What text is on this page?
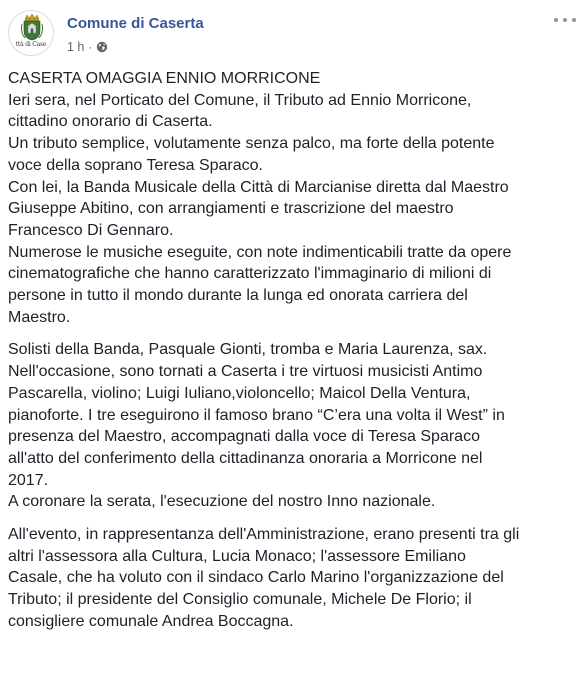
ttà di Case
Comune di Caserta
1 h ·

CASERTA OMAGGIA ENNIO MORRICONE
Ieri sera, nel Porticato del Comune, il Tributo ad Ennio Morricone,
cittadino onorario di Caserta.
Un tributo semplice, volutamente senza palco, ma forte della potente
voce della soprano Teresa Sparaco.
Con lei, la Banda Musicale della Città di Marcianise diretta dal Maestro
Giuseppe Abitino, con arrangiamenti e trascrizione del maestro
Francesco Di Gennaro.
Numerose le musiche eseguite, con note indimenticabili tratte da opere
cinematografiche che hanno caratterizzato l'immaginario di milioni di
persone in tutto il mondo durante la lunga ed onorata carriera del
Maestro.

Solisti della Banda, Pasquale Gionti, tromba e Maria Laurenza, sax.
Nell'occasione, sono tornati a Caserta i tre virtuosi musicisti Antimo
Pascarella, violino; Luigi Iuliano,violoncello; Maicol Della Ventura,
pianoforte. I tre eseguirono il famoso brano “C’era una volta il West” in
presenza del Maestro, accompagnati dalla voce di Teresa Sparaco
all'atto del conferimento della cittadinanza onoraria a Morricone nel
2017.
A coronare la serata, l'esecuzione del nostro Inno nazionale.

All'evento, in rappresentanza dell'Amministrazione, erano presenti tra gli
altri l'assessora alla Cultura, Lucia Monaco; l'assessore Emiliano
Casale, che ha voluto con il sindaco Carlo Marino l'organizzazione del
Tributo; il presidente del Consiglio comunale, Michele De Florio; il
consigliere comunale Andrea Boccagna.
